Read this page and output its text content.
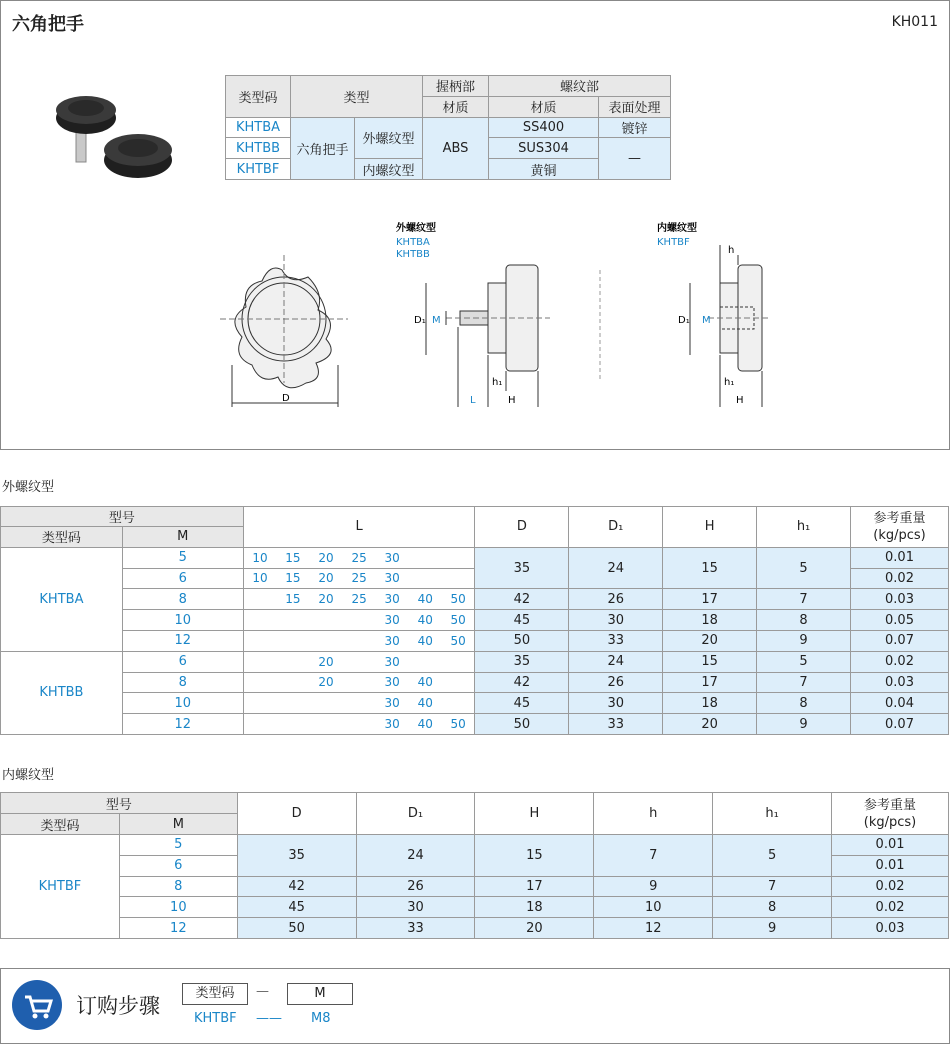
六角把手	KH011
类型码	类型		握柄部	螺纹部	
			材质	材质	表面处理
KHTBA	六角把手	外螺纹型	ABS	SS400	镀锌
KHTBB				SUS304	—
KHTBF		内螺纹型		黄铜	
D
外螺纹型
KHTBA
KHTBB
D₁ M
L	H
h₁
内螺纹型
KHTBF
D₁ M
h
h₁
H
外螺纹型
型号		L							D	D₁	H	h₁	参考重量
(kg/pcs)
类型码	M												
KHTBA	5	10	15	20	25	30			35	24	15	5	0.01
	6	10	15	20	25	30							0.02
	8		15	20	25	30	40	50	42	26	17	7	0.03
	10					30	40	50	45	30	18	8	0.05
	12					30	40	50	50	33	20	9	0.07
KHTBB	6			20		30			35	24	15	5	0.02
	8			20		30	40		42	26	17	7	0.03
	10					30	40		45	30	18	8	0.04
	12					30	40	50	50	33	20	9	0.07
内螺纹型
型号		D	D₁	H	h	h₁	参考重量
(kg/pcs)
类型码	M						
KHTBF	5	35	24	15	7	5	0.01
	6						0.01
	8	42	26	17	9	7	0.02
	10	45	30	18	10	8	0.02
	12	50	33	20	12	9	0.03
订购步骤
类型码	—	M
KHTBF —— M8
